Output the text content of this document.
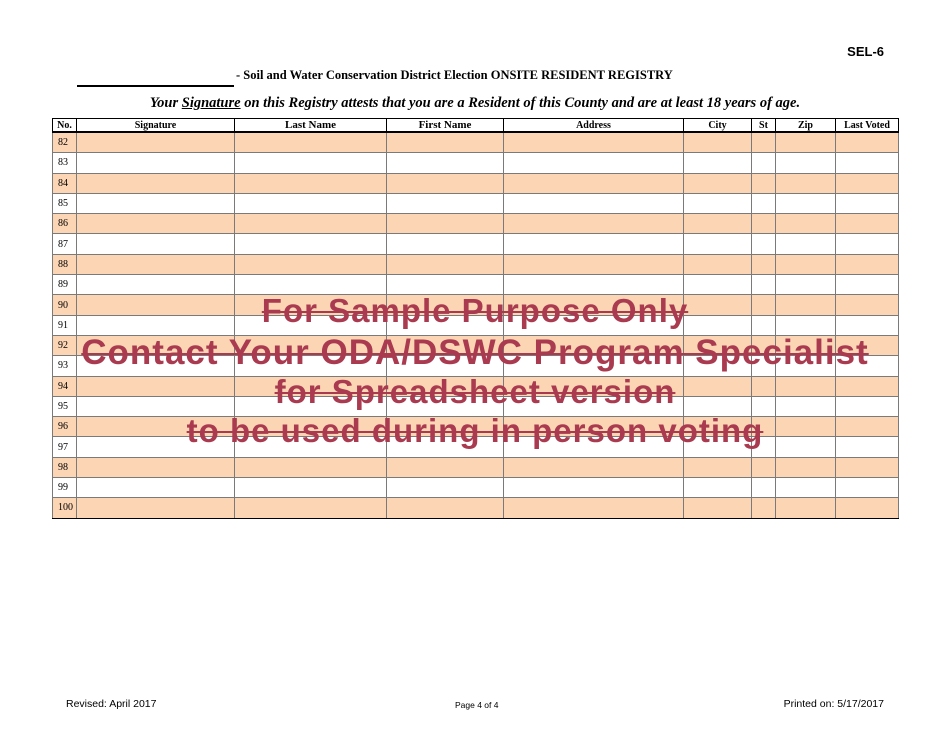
SEL-6
- Soil and Water Conservation District Election ONSITE RESIDENT REGISTRY
Your Signature on this Registry attests that you are a Resident of this County and are at least 18 years of age.
No.	Signature	Last Name	First Name	Address	City	St	Zip	Last Voted
82								
83								
84								
85								
86								
87								
88								
89								
90								
91								
92								
93								
94								
95								
96								
97								
98								
99								
100								
For Sample Purpose Only
Contact Your ODA/DSWC Program Specialist
for Spreadsheet version
to be used during in person voting
Revised: April 2017	Page 4 of 4	Printed on: 5/17/2017
